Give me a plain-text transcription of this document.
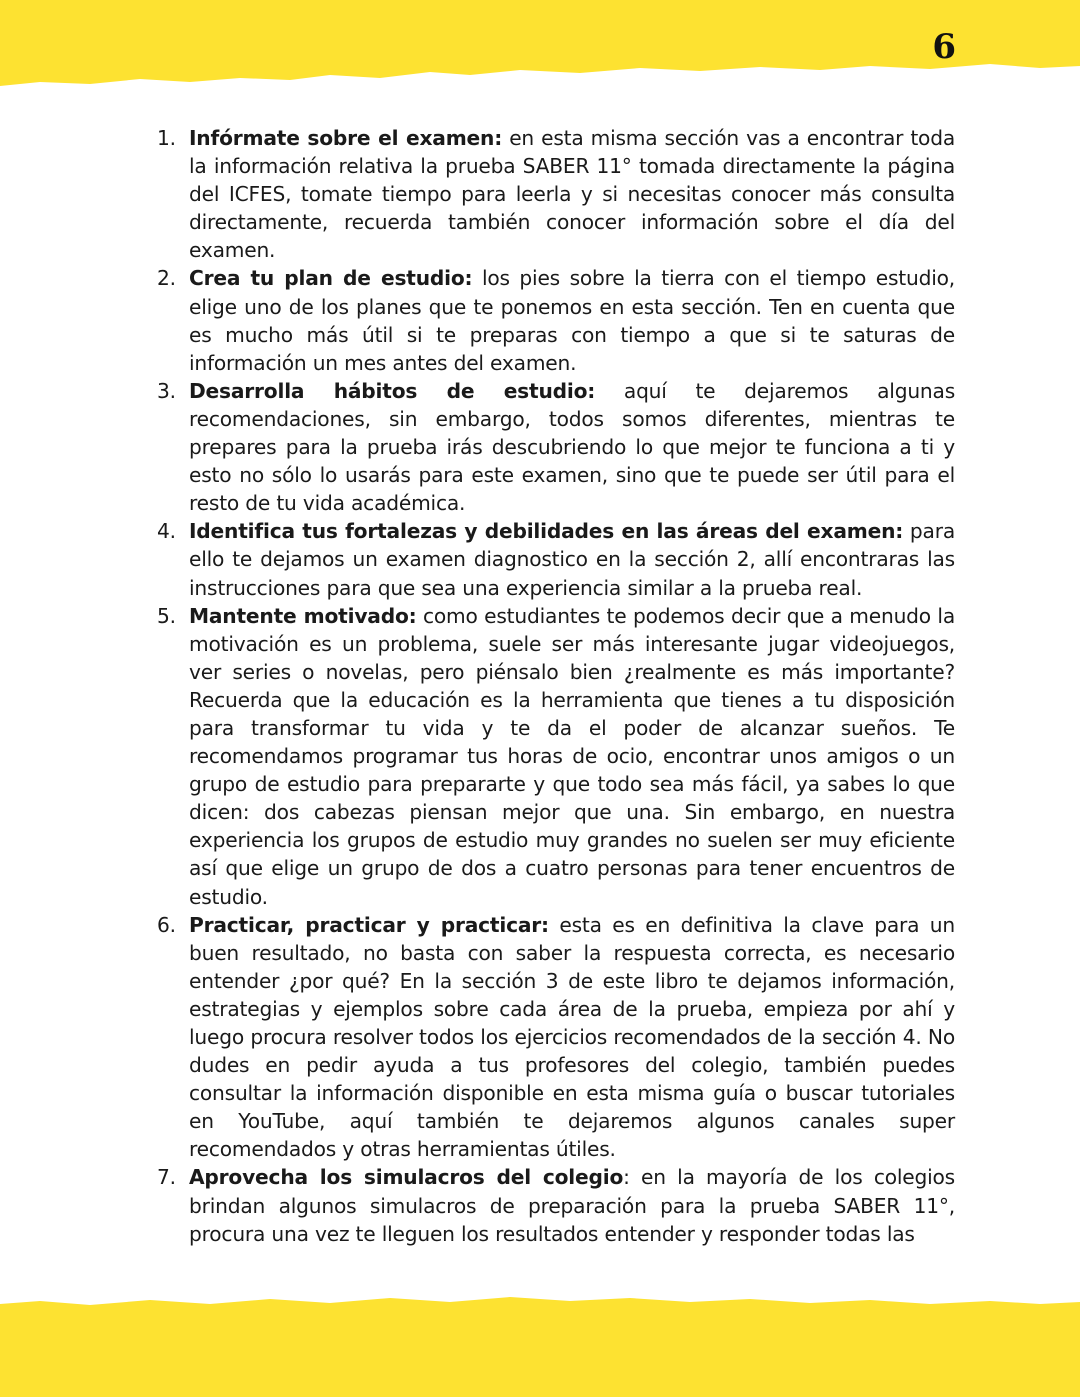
6
1. Infórmate sobre el examen: en esta misma sección vas a encontrar toda la información relativa la prueba SABER 11° tomada directamente la página del ICFES, tomate tiempo para leerla y si necesitas conocer más consulta directamente, recuerda también conocer información sobre el día del examen.
2. Crea tu plan de estudio: los pies sobre la tierra con el tiempo estudio, elige uno de los planes que te ponemos en esta sección. Ten en cuenta que es mucho más útil si te preparas con tiempo a que si te saturas de información un mes antes del examen.
3. Desarrolla hábitos de estudio: aquí te dejaremos algunas recomendaciones, sin embargo, todos somos diferentes, mientras te prepares para la prueba irás descubriendo lo que mejor te funciona a ti y esto no sólo lo usarás para este examen, sino que te puede ser útil para el resto de tu vida académica.
4. Identifica tus fortalezas y debilidades en las áreas del examen: para ello te dejamos un examen diagnostico en la sección 2, allí encontraras las instrucciones para que sea una experiencia similar a la prueba real.
5. Mantente motivado: como estudiantes te podemos decir que a menudo la motivación es un problema, suele ser más interesante jugar videojuegos, ver series o novelas, pero piénsalo bien ¿realmente es más importante? Recuerda que la educación es la herramienta que tienes a tu disposición para transformar tu vida y te da el poder de alcanzar sueños. Te recomendamos programar tus horas de ocio, encontrar unos amigos o un grupo de estudio para prepararte y que todo sea más fácil, ya sabes lo que dicen: dos cabezas piensan mejor que una. Sin embargo, en nuestra experiencia los grupos de estudio muy grandes no suelen ser muy eficiente así que elige un grupo de dos a cuatro personas para tener encuentros de estudio.
6. Practicar, practicar y practicar: esta es en definitiva la clave para un buen resultado, no basta con saber la respuesta correcta, es necesario entender ¿por qué? En la sección 3 de este libro te dejamos información, estrategias y ejemplos sobre cada área de la prueba, empieza por ahí y luego procura resolver todos los ejercicios recomendados de la sección 4. No dudes en pedir ayuda a tus profesores del colegio, también puedes consultar la información disponible en esta misma guía o buscar tutoriales en YouTube, aquí también te dejaremos algunos canales super recomendados y otras herramientas útiles.
7. Aprovecha los simulacros del colegio: en la mayoría de los colegios brindan algunos simulacros de preparación para la prueba SABER 11°, procura una vez te lleguen los resultados entender y responder todas las
